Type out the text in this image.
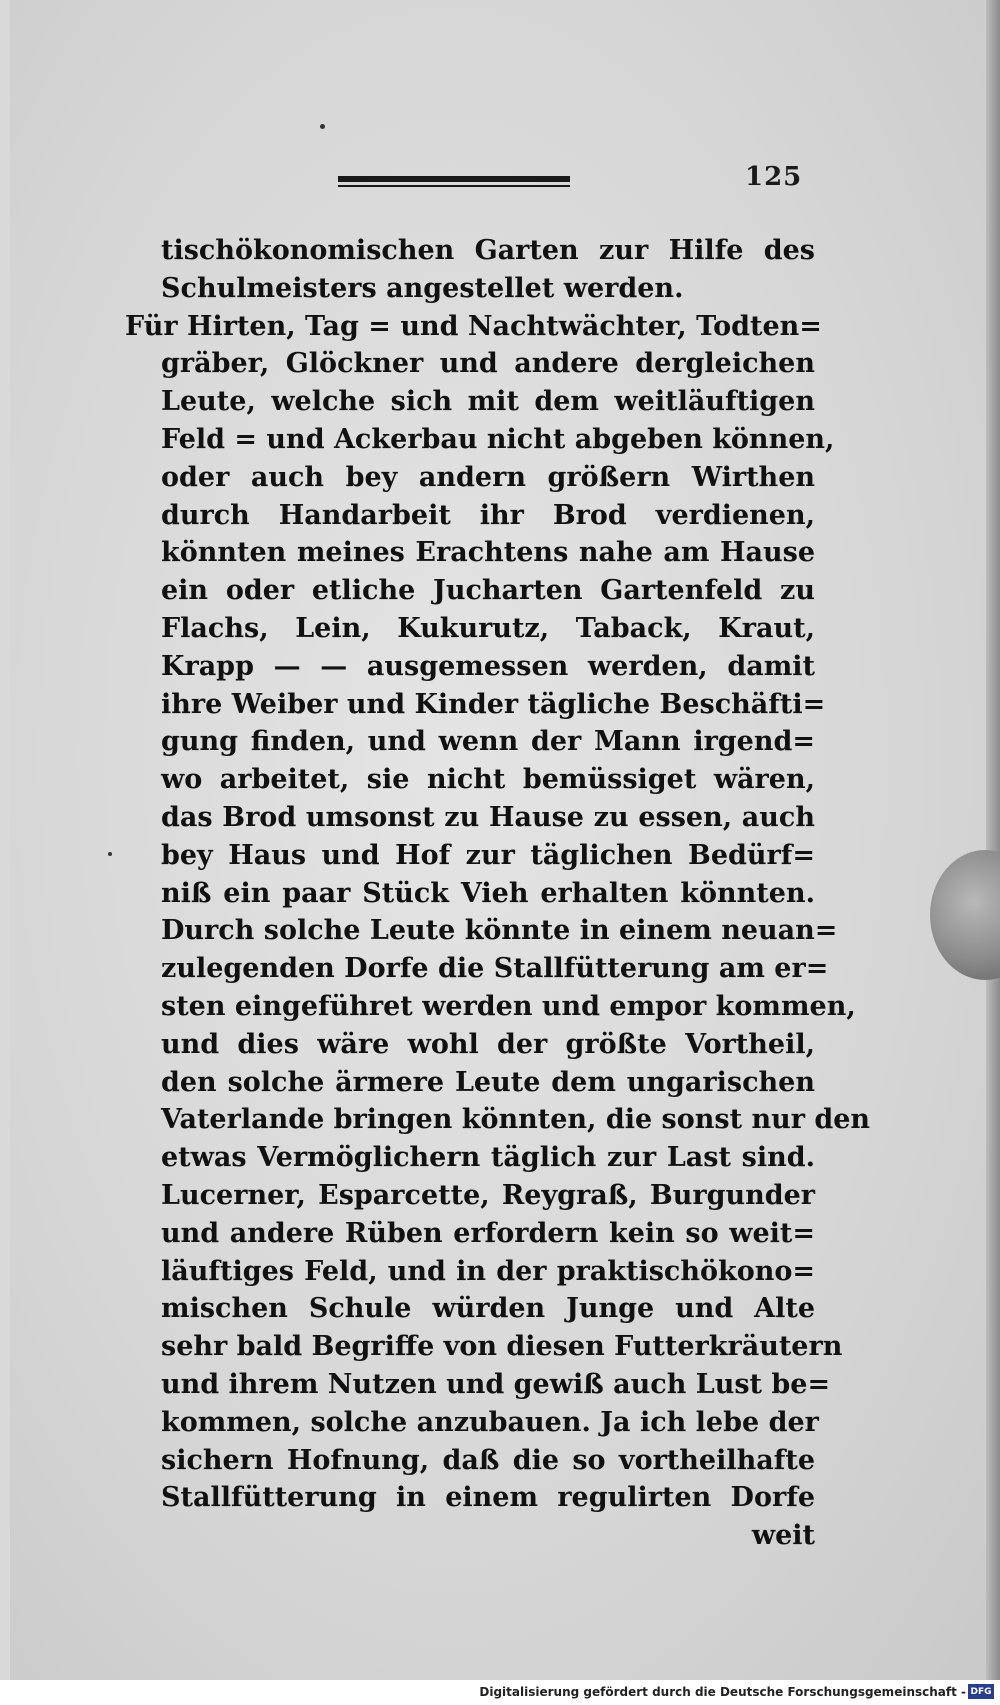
125
tischökonomischen Garten zur Hilfe des
Schulmeisters angestellet werden.
Für Hirten, Tag = und Nachtwächter, Todten=
gräber, Glöckner und andere dergleichen
Leute, welche sich mit dem weitläuftigen
Feld = und Ackerbau nicht abgeben können,
oder auch bey andern größern Wirthen
durch Handarbeit ihr Brod verdienen,
könnten meines Erachtens nahe am Hause
ein oder etliche Jucharten Gartenfeld zu
Flachs, Lein, Kukurutz, Taback, Kraut,
Krapp — — ausgemessen werden, damit
ihre Weiber und Kinder tägliche Beschäfti=
gung finden, und wenn der Mann irgend=
wo arbeitet, sie nicht bemüssiget wären,
das Brod umsonst zu Hause zu essen, auch
bey Haus und Hof zur täglichen Bedürf=
niß ein paar Stück Vieh erhalten könnten.
Durch solche Leute könnte in einem neuan=
zulegenden Dorfe die Stallfütterung am er=
sten eingeführet werden und empor kommen,
und dies wäre wohl der größte Vortheil,
den solche ärmere Leute dem ungarischen
Vaterlande bringen könnten, die sonst nur den
etwas Vermöglichern täglich zur Last sind.
Lucerner, Esparcette, Reygraß, Burgunder
und andere Rüben erfordern kein so weit=
läuftiges Feld, und in der praktischökono=
mischen Schule würden Junge und Alte
sehr bald Begriffe von diesen Futterkräutern
und ihrem Nutzen und gewiß auch Lust be=
kommen, solche anzubauen. Ja ich lebe der
sichern Hofnung, daß die so vortheilhafte
Stallfütterung in einem regulirten Dorfe
weit
Digitalisierung gefördert durch die Deutsche Forschungsgemeinschaft - DFG
